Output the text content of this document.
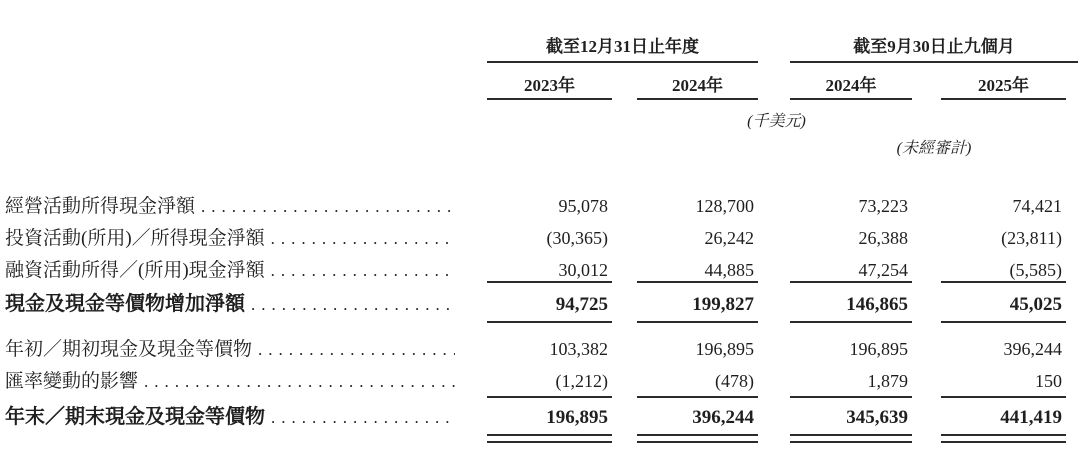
截至12月31日止年度	截至9月30日止九個月
2023年	2024年	2024年	2025年
(千美元)
(未經審計)
經營活動所得現金淨額 .....	95,078	128,700	73,223	74,421
投資活動(所用)／所得現金淨額 .....	(30,365)	26,242	26,388	(23,811)
融資活動所得／(所用)現金淨額 .....	30,012	44,885	47,254	(5,585)
現金及現金等價物增加淨額 .....	94,725	199,827	146,865	45,025
年初／期初現金及現金等價物 .....	103,382	196,895	196,895	396,244
匯率變動的影響 .....	(1,212)	(478)	1,879	150
年末／期末現金及現金等價物 .....	196,895	396,244	345,639	441,419
